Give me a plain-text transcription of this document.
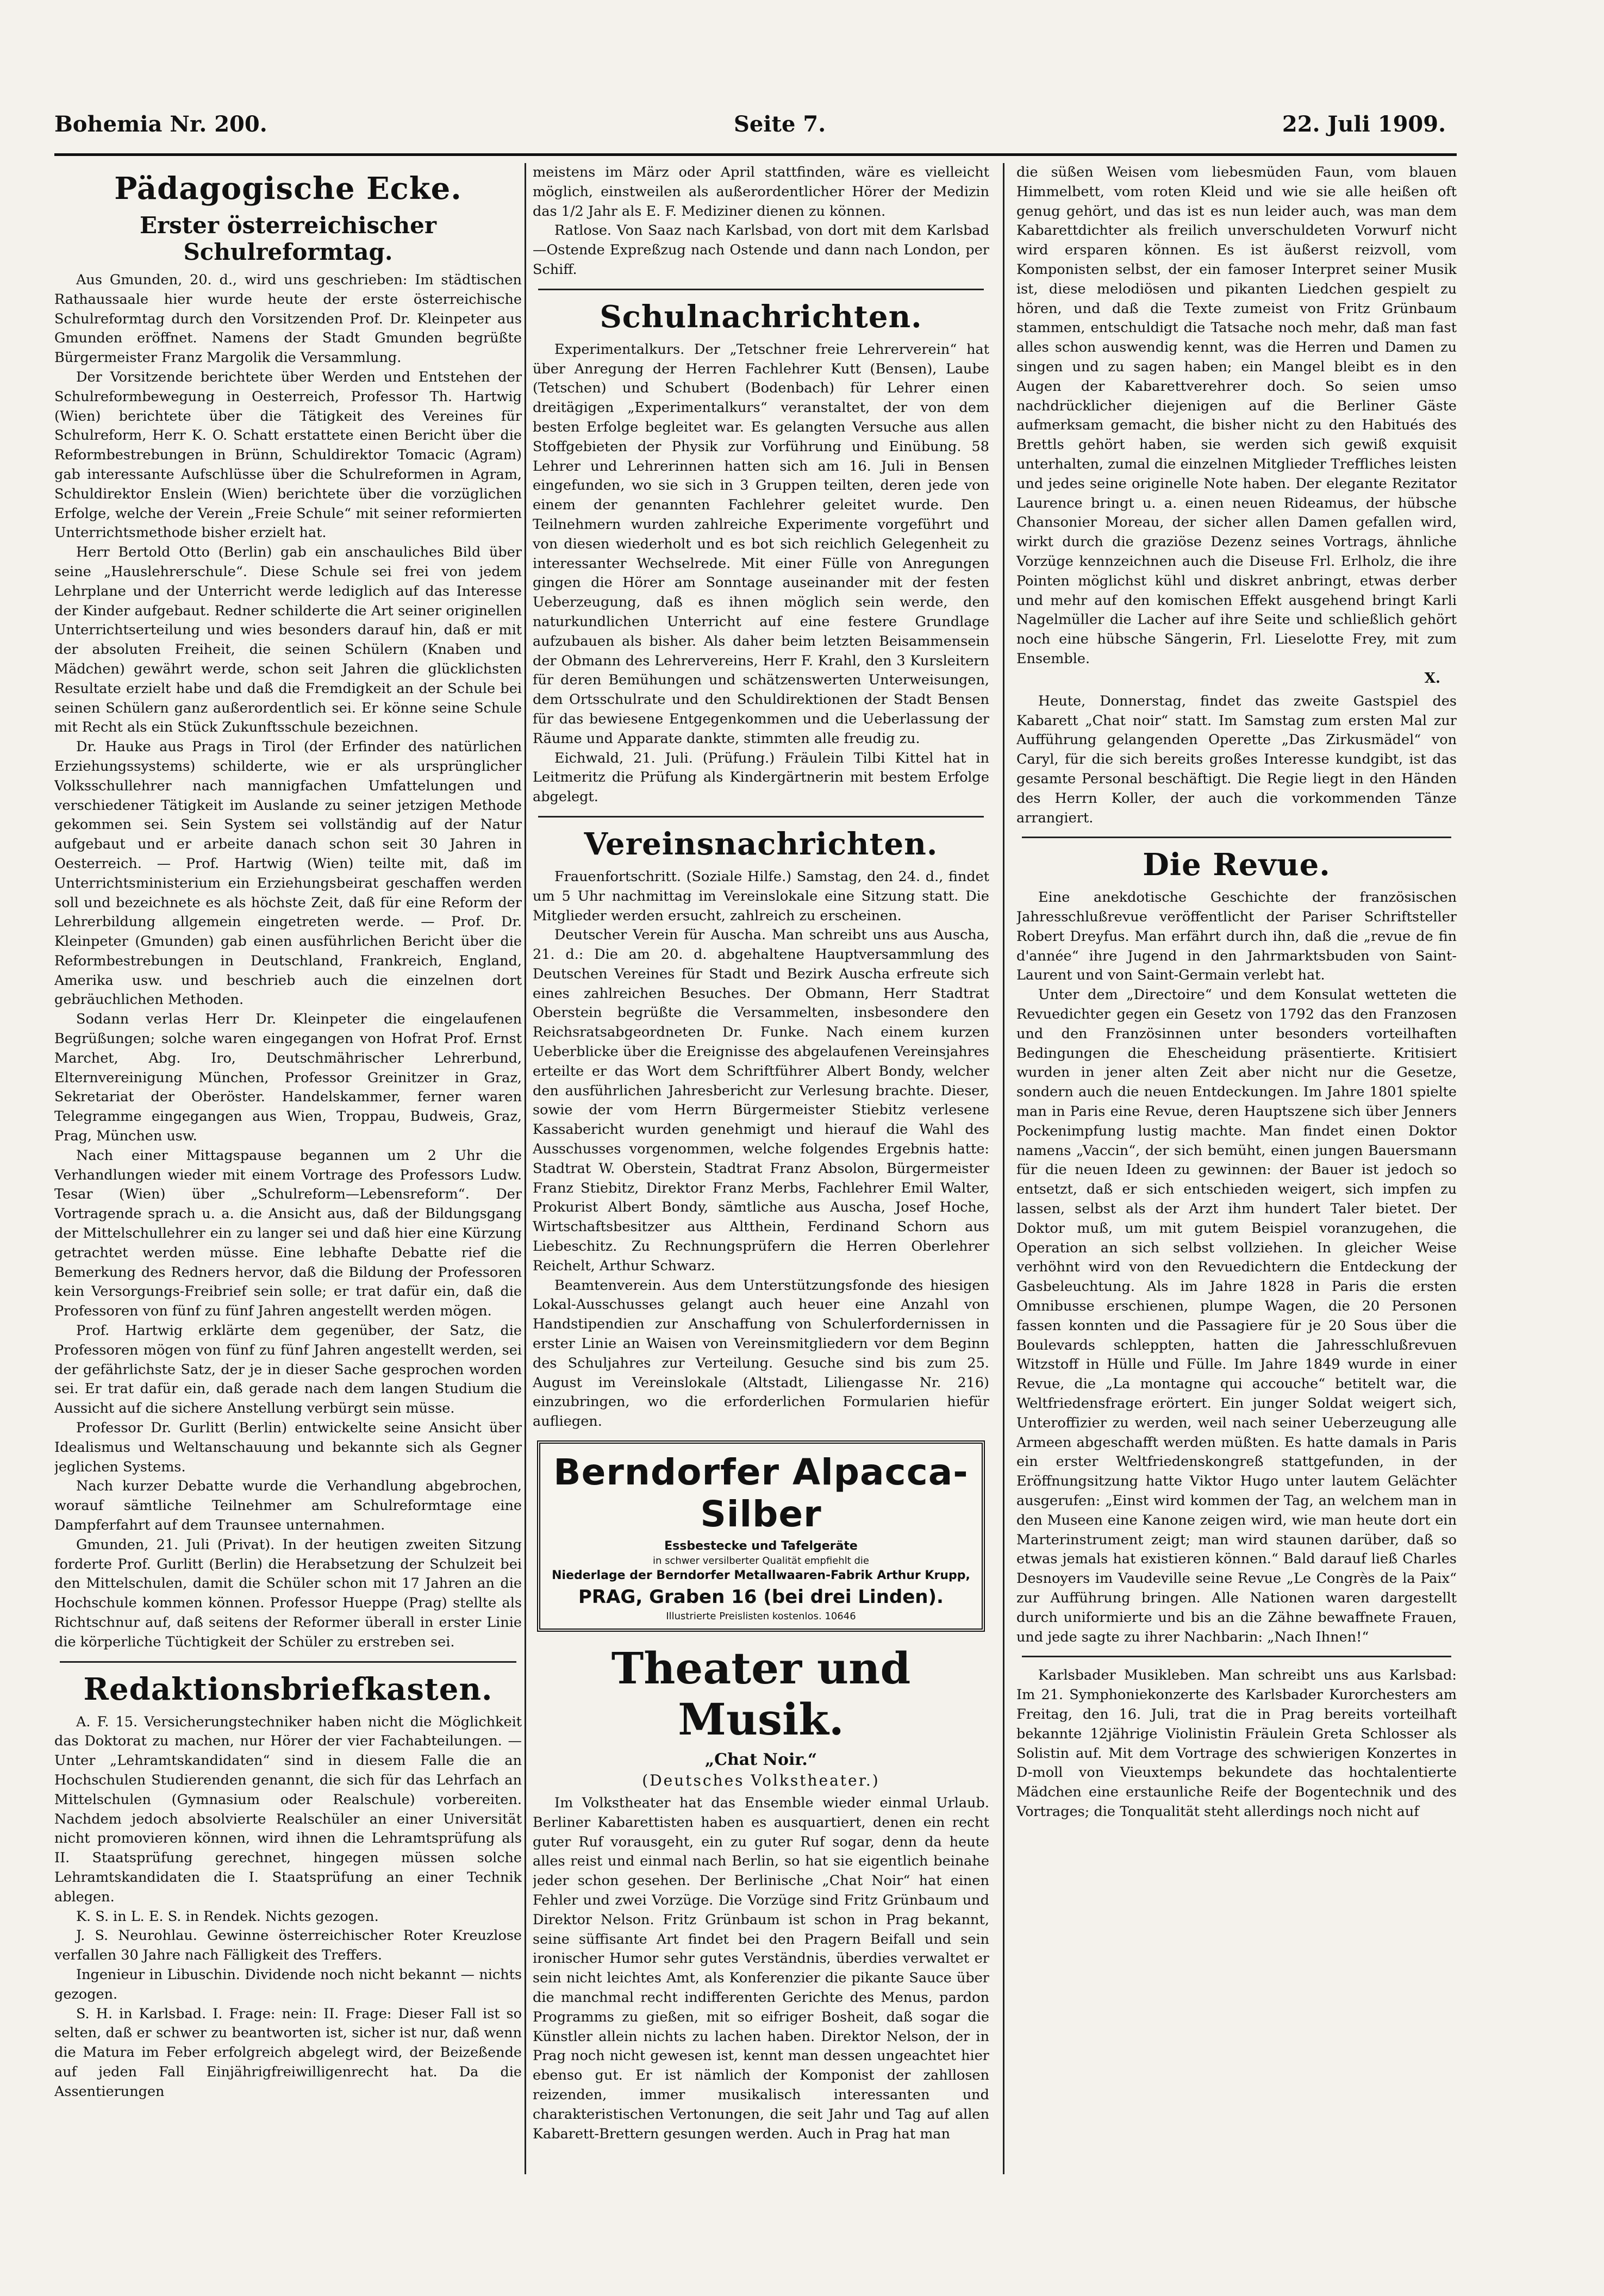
Bohemia Nr. 200.	Seite 7.	22. Juli 1909.
Pädagogische Ecke.
Erster österreichischer Schulreformtag.

Aus Gmunden, 20. d., wird uns geschrieben: Im städtischen Rathaussaale hier wurde heute der erste österreichische Schulreformtag durch den Vorsitzenden Prof. Dr. Kleinpeter aus Gmunden eröffnet. Namens der Stadt Gmunden begrüßte Bürgermeister Franz Margolik die Versammlung.

Der Vorsitzende berichtete über Werden und Entstehen der Schulreformbewegung in Oesterreich, Professor Th. Hartwig (Wien) berichtete über die Tätigkeit des Vereines für Schulreform, Herr K. O. Schatt erstattete einen Bericht über die Reformbestrebungen in Brünn, Schuldirektor Tomacic (Agram) gab interessante Aufschlüsse über die Schulreformen in Agram, Schuldirektor Enslein (Wien) berichtete über die vorzüglichen Erfolge, welche der Verein „Freie Schule“ mit seiner reformierten Unterrichtsmethode bisher erzielt hat.

Herr Bertold Otto (Berlin) gab ein anschauliches Bild über seine „Hauslehrerschule“. Diese Schule sei frei von jedem Lehrplane und der Unterricht werde lediglich auf das Interesse der Kinder aufgebaut. Redner schilderte die Art seiner originellen Unterrichtserteilung und wies besonders darauf hin, daß er mit der absoluten Freiheit, die seinen Schülern (Knaben und Mädchen) gewährt werde, schon seit Jahren die glücklichsten Resultate erzielt habe und daß die Fremdigkeit an der Schule bei seinen Schülern ganz außerordentlich sei. Er könne seine Schule mit Recht als ein Stück Zukunftsschule bezeichnen.

Dr. Hauke aus Prags in Tirol (der Erfinder des natürlichen Erziehungssystems) schilderte, wie er als ursprünglicher Volksschullehrer nach mannigfachen Umfattelungen und verschiedener Tätigkeit im Auslande zu seiner jetzigen Methode gekommen sei. Sein System sei vollständig auf der Natur aufgebaut und er arbeite danach schon seit 30 Jahren in Oesterreich. — Prof. Hartwig (Wien) teilte mit, daß im Unterrichtsministerium ein Erziehungsbeirat geschaffen werden soll und bezeichnete es als höchste Zeit, daß für eine Reform der Lehrerbildung allgemein eingetreten werde. — Prof. Dr. Kleinpeter (Gmunden) gab einen ausführlichen Bericht über die Reformbestrebungen in Deutschland, Frankreich, England, Amerika usw. und beschrieb auch die einzelnen dort gebräuchlichen Methoden.

Sodann verlas Herr Dr. Kleinpeter die eingelaufenen Begrüßungen; solche waren eingegangen von Hofrat Prof. Ernst Marchet, Abg. Iro, Deutschmährischer Lehrerbund, Elternvereinigung München, Professor Greinitzer in Graz, Sekretariat der Oberöster. Handelskammer, ferner waren Telegramme eingegangen aus Wien, Troppau, Budweis, Graz, Prag, München usw.

Nach einer Mittagspause begannen um 2 Uhr die Verhandlungen wieder mit einem Vortrage des Professors Ludw. Tesar (Wien) über „Schulreform—Lebensreform“. Der Vortragende sprach u. a. die Ansicht aus, daß der Bildungsgang der Mittelschullehrer ein zu langer sei und daß hier eine Kürzung getrachtet werden müsse. Eine lebhafte Debatte rief die Bemerkung des Redners hervor, daß die Bildung der Professoren kein Versorgungs-Freibrief sein solle; er trat dafür ein, daß die Professoren von fünf zu fünf Jahren angestellt werden mögen.

Prof. Hartwig erklärte dem gegenüber, der Satz, die Professoren mögen von fünf zu fünf Jahren angestellt werden, sei der gefährlichste Satz, der je in dieser Sache gesprochen worden sei. Er trat dafür ein, daß gerade nach dem langen Studium die Aussicht auf die sichere Anstellung verbürgt sein müsse.

Professor Dr. Gurlitt (Berlin) entwickelte seine Ansicht über Idealismus und Weltanschauung und bekannte sich als Gegner jeglichen Systems.

Nach kurzer Debatte wurde die Verhandlung abgebrochen, worauf sämtliche Teilnehmer am Schulreformtage eine Dampferfahrt auf dem Traunsee unternahmen.

Gmunden, 21. Juli (Privat). In der heutigen zweiten Sitzung forderte Prof. Gurlitt (Berlin) die Herabsetzung der Schulzeit bei den Mittelschulen, damit die Schüler schon mit 17 Jahren an die Hochschule kommen können. Professor Hueppe (Prag) stellte als Richtschnur auf, daß seitens der Reformer überall in erster Linie die körperliche Tüchtigkeit der Schüler zu erstreben sei.

Redaktionsbriefkasten.

A. F. 15. Versicherungstechniker haben nicht die Möglichkeit das Doktorat zu machen, nur Hörer der vier Fachabteilungen. — Unter „Lehramtskandidaten“ sind in diesem Falle die an Hochschulen Studierenden genannt, die sich für das Lehrfach an Mittelschulen (Gymnasium oder Realschule) vorbereiten. Nachdem jedoch absolvierte Realschüler an einer Universität nicht promovieren können, wird ihnen die Lehramtsprüfung als II. Staatsprüfung gerechnet, hingegen müssen solche Lehramtskandidaten die I. Staatsprüfung an einer Technik ablegen.

K. S. in L. E. S. in Rendek. Nichts gezogen.

J. S. Neurohlau. Gewinne österreichischer Roter Kreuzlose verfallen 30 Jahre nach Fälligkeit des Treffers.

Ingenieur in Libuschin. Dividende noch nicht bekannt — nichts gezogen.

S. H. in Karlsbad. I. Frage: nein: II. Frage: Dieser Fall ist so selten, daß er schwer zu beantworten ist, sicher ist nur, daß wenn die Matura im Feber erfolgreich abgelegt wird, der Beizeßende auf jeden Fall Einjährigfreiwilligenrecht hat. Da die Assentierungen

meistens im März oder April stattfinden, wäre es vielleicht möglich, einstweilen als außerordentlicher Hörer der Medizin das 1/2 Jahr als E. F. Mediziner dienen zu können.

Ratlose. Von Saaz nach Karlsbad, von dort mit dem Karlsbad—Ostende Expreßzug nach Ostende und dann nach London, per Schiff.

Schulnachrichten.

Experimentalkurs. Der „Tetschner freie Lehrerverein“ hat über Anregung der Herren Fachlehrer Kutt (Bensen), Laube (Tetschen) und Schubert (Bodenbach) für Lehrer einen dreitägigen „Experimentalkurs“ veranstaltet, der von dem besten Erfolge begleitet war. Es gelangten Versuche aus allen Stoffgebieten der Physik zur Vorführung und Einübung. 58 Lehrer und Lehrerinnen hatten sich am 16. Juli in Bensen eingefunden, wo sie sich in 3 Gruppen teilten, deren jede von einem der genannten Fachlehrer geleitet wurde. Den Teilnehmern wurden zahlreiche Experimente vorgeführt und von diesen wiederholt und es bot sich reichlich Gelegenheit zu interessanter Wechselrede. Mit einer Fülle von Anregungen gingen die Hörer am Sonntage auseinander mit der festen Ueberzeugung, daß es ihnen möglich sein werde, den naturkundlichen Unterricht auf eine festere Grundlage aufzubauen als bisher. Als daher beim letzten Beisammensein der Obmann des Lehrervereins, Herr F. Krahl, den 3 Kursleitern für deren Bemühungen und schätzenswerten Unterweisungen, dem Ortsschulrate und den Schuldirektionen der Stadt Bensen für das bewiesene Entgegenkommen und die Ueberlassung der Räume und Apparate dankte, stimmten alle freudig zu.

Eichwald, 21. Juli. (Prüfung.) Fräulein Tilbi Kittel hat in Leitmeritz die Prüfung als Kindergärtnerin mit bestem Erfolge abgelegt.

Vereinsnachrichten.

Frauenfortschritt. (Soziale Hilfe.) Samstag, den 24. d., findet um 5 Uhr nachmittag im Vereinslokale eine Sitzung statt. Die Mitglieder werden ersucht, zahlreich zu erscheinen.

Deutscher Verein für Auscha. Man schreibt uns aus Auscha, 21. d.: Die am 20. d. abgehaltene Hauptversammlung des Deutschen Vereines für Stadt und Bezirk Auscha erfreute sich eines zahlreichen Besuches. Der Obmann, Herr Stadtrat Oberstein begrüßte die Versammelten, insbesondere den Reichsratsabgeordneten Dr. Funke. Nach einem kurzen Ueberblicke über die Ereignisse des abgelaufenen Vereinsjahres erteilte er das Wort dem Schriftführer Albert Bondy, welcher den ausführlichen Jahresbericht zur Verlesung brachte. Dieser, sowie der vom Herrn Bürgermeister Stiebitz verlesene Kassabericht wurden genehmigt und hierauf die Wahl des Ausschusses vorgenommen, welche folgendes Ergebnis hatte: Stadtrat W. Oberstein, Stadtrat Franz Absolon, Bürgermeister Franz Stiebitz, Direktor Franz Merbs, Fachlehrer Emil Walter, Prokurist Albert Bondy, sämtliche aus Auscha, Josef Hoche, Wirtschaftsbesitzer aus Altthein, Ferdinand Schorn aus Liebeschitz. Zu Rechnungsprüfern die Herren Oberlehrer Reichelt, Arthur Schwarz.

Beamtenverein. Aus dem Unterstützungsfonde des hiesigen Lokal-Ausschusses gelangt auch heuer eine Anzahl von Handstipendien zur Anschaffung von Schulerfordernissen in erster Linie an Waisen von Vereinsmitgliedern vor dem Beginn des Schuljahres zur Verteilung. Gesuche sind bis zum 25. August im Vereinslokale (Altstadt, Liliengasse Nr. 216) einzubringen, wo die erforderlichen Formularien hiefür aufliegen.

Berndorfer Alpacca-Silber
Essbestecke und Tafelgeräte
in schwer versilberter Qualität empfiehlt die
Niederlage der Berndorfer Metallwaaren-Fabrik Arthur Krupp,
PRAG, Graben 16 (bei drei Linden).
Illustrierte Preislisten kostenlos. 10646
Theater und Musik.
„Chat Noir.“
(Deutsches Volkstheater.)

Im Volkstheater hat das Ensemble wieder einmal Urlaub. Berliner Kabarettisten haben es ausquartiert, denen ein recht guter Ruf vorausgeht, ein zu guter Ruf sogar, denn da heute alles reist und einmal nach Berlin, so hat sie eigentlich beinahe jeder schon gesehen. Der Berlinische „Chat Noir“ hat einen Fehler und zwei Vorzüge. Die Vorzüge sind Fritz Grünbaum und Direktor Nelson. Fritz Grünbaum ist schon in Prag bekannt, seine süffisante Art findet bei den Pragern Beifall und sein ironischer Humor sehr gutes Verständnis, überdies verwaltet er sein nicht leichtes Amt, als Konferenzier die pikante Sauce über die manchmal recht indifferenten Gerichte des Menus, pardon Programms zu gießen, mit so eifriger Bosheit, daß sogar die Künstler allein nichts zu lachen haben. Direktor Nelson, der in Prag noch nicht gewesen ist, kennt man dessen ungeachtet hier ebenso gut. Er ist nämlich der Komponist der zahllosen reizenden, immer musikalisch interessanten und charakteristischen Vertonungen, die seit Jahr und Tag auf allen Kabarett-Brettern gesungen werden. Auch in Prag hat man

die süßen Weisen vom liebesmüden Faun, vom blauen Himmelbett, vom roten Kleid und wie sie alle heißen oft genug gehört, und das ist es nun leider auch, was man dem Kabarettdichter als freilich unverschuldeten Vorwurf nicht wird ersparen können. Es ist äußerst reizvoll, vom Komponisten selbst, der ein famoser Interpret seiner Musik ist, diese melodiösen und pikanten Liedchen gespielt zu hören, und daß die Texte zumeist von Fritz Grünbaum stammen, entschuldigt die Tatsache noch mehr, daß man fast alles schon auswendig kennt, was die Herren und Damen zu singen und zu sagen haben; ein Mangel bleibt es in den Augen der Kabarettverehrer doch. So seien umso nachdrücklicher diejenigen auf die Berliner Gäste aufmerksam gemacht, die bisher nicht zu den Habitués des Brettls gehört haben, sie werden sich gewiß exquisit unterhalten, zumal die einzelnen Mitglieder Treffliches leisten und jedes seine originelle Note haben. Der elegante Rezitator Laurence bringt u. a. einen neuen Rideamus, der hübsche Chansonier Moreau, der sicher allen Damen gefallen wird, wirkt durch die graziöse Dezenz seines Vortrags, ähnliche Vorzüge kennzeichnen auch die Diseuse Frl. Erlholz, die ihre Pointen möglichst kühl und diskret anbringt, etwas derber und mehr auf den komischen Effekt ausgehend bringt Karli Nagelmüller die Lacher auf ihre Seite und schließlich gehört noch eine hübsche Sängerin, Frl. Lieselotte Frey, mit zum Ensemble.

X.

Heute, Donnerstag, findet das zweite Gastspiel des Kabarett „Chat noir“ statt. Im Samstag zum ersten Mal zur Aufführung gelangenden Operette „Das Zirkusmädel“ von Caryl, für die sich bereits großes Interesse kundgibt, ist das gesamte Personal beschäftigt. Die Regie liegt in den Händen des Herrn Koller, der auch die vorkommenden Tänze arrangiert.

Die Revue.

Eine anekdotische Geschichte der französischen Jahresschlußrevue veröffentlicht der Pariser Schriftsteller Robert Dreyfus. Man erfährt durch ihn, daß die „revue de fin d'année“ ihre Jugend in den Jahrmarktsbuden von Saint-Laurent und von Saint-Germain verlebt hat.

Unter dem „Directoire“ und dem Konsulat wetteten die Revuedichter gegen ein Gesetz von 1792 das den Franzosen und den Französinnen unter besonders vorteilhaften Bedingungen die Ehescheidung präsentierte. Kritisiert wurden in jener alten Zeit aber nicht nur die Gesetze, sondern auch die neuen Entdeckungen. Im Jahre 1801 spielte man in Paris eine Revue, deren Hauptszene sich über Jenners Pockenimpfung lustig machte. Man findet einen Doktor namens „Vaccin“, der sich bemüht, einen jungen Bauersmann für die neuen Ideen zu gewinnen: der Bauer ist jedoch so entsetzt, daß er sich entschieden weigert, sich impfen zu lassen, selbst als der Arzt ihm hundert Taler bietet. Der Doktor muß, um mit gutem Beispiel voranzugehen, die Operation an sich selbst vollziehen. In gleicher Weise verhöhnt wird von den Revuedichtern die Entdeckung der Gasbeleuchtung. Als im Jahre 1828 in Paris die ersten Omnibusse erschienen, plumpe Wagen, die 20 Personen fassen konnten und die Passagiere für je 20 Sous über die Boulevards schleppten, hatten die Jahresschlußrevuen Witzstoff in Hülle und Fülle. Im Jahre 1849 wurde in einer Revue, die „La montagne qui accouche“ betitelt war, die Weltfriedensfrage erörtert. Ein junger Soldat weigert sich, Unteroffizier zu werden, weil nach seiner Ueberzeugung alle Armeen abgeschafft werden müßten. Es hatte damals in Paris ein erster Weltfriedenskongreß stattgefunden, in der Eröffnungsitzung hatte Viktor Hugo unter lautem Gelächter ausgerufen: „Einst wird kommen der Tag, an welchem man in den Museen eine Kanone zeigen wird, wie man heute dort ein Marterinstrument zeigt; man wird staunen darüber, daß so etwas jemals hat existieren können.“ Bald darauf ließ Charles Desnoyers im Vaudeville seine Revue „Le Congrès de la Paix“ zur Aufführung bringen. Alle Nationen waren dargestellt durch uniformierte und bis an die Zähne bewaffnete Frauen, und jede sagte zu ihrer Nachbarin: „Nach Ihnen!“

Karlsbader Musikleben. Man schreibt uns aus Karlsbad: Im 21. Symphoniekonzerte des Karlsbader Kurorchesters am Freitag, den 16. Juli, trat die in Prag bereits vorteilhaft bekannte 12jährige Violinistin Fräulein Greta Schlosser als Solistin auf. Mit dem Vortrage des schwierigen Konzertes in D-moll von Vieuxtemps bekundete das hochtalentierte Mädchen eine erstaunliche Reife der Bogentechnik und des Vortrages; die Tonqualität steht allerdings noch nicht auf
